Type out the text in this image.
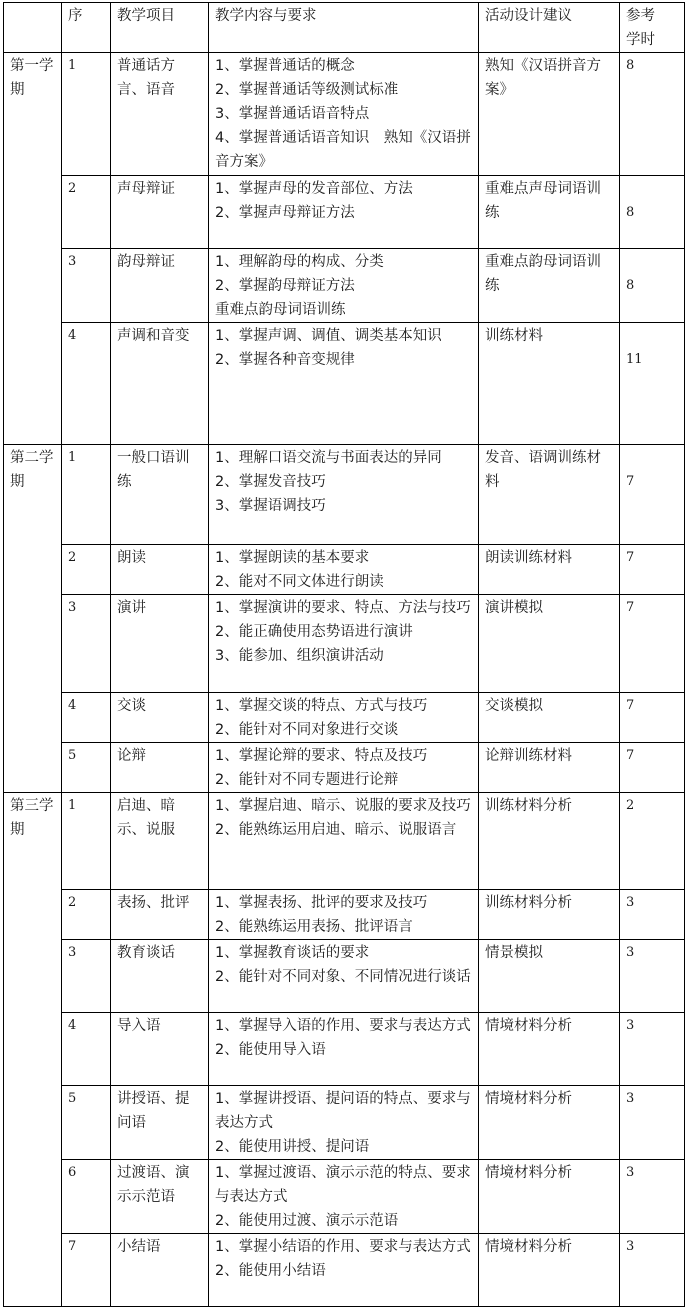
	序	教学项目	教学内容与要求	活动设计建议	参考
学时
第一学期	1	普通话方言、语音	1、掌握普通话的概念
2、掌握普通话等级测试标准
3、掌握普通话语音特点
4、掌握普通话语音知识　熟知《汉语拼音方案》	熟知《汉语拼音方案》	8
	2	声母辩证	1、掌握声母的发音部位、方法
2、掌握声母辩证方法	重难点声母词语训练	8
	3	韵母辩证	1、理解韵母的构成、分类
2、掌握韵母辩证方法
重难点韵母词语训练	重难点韵母词语训练	8
	4	声调和音变	1、掌握声调、调值、调类基本知识
2、掌握各种音变规律	训练材料	11
第二学期	1	一般口语训练	1、理解口语交流与书面表达的异同
2、掌握发音技巧
3、掌握语调技巧	发音、语调训练材料	7
	2	朗读	1、掌握朗读的基本要求
2、能对不同文体进行朗读	朗读训练材料	7
	3	演讲	1、掌握演讲的要求、特点、方法与技巧
2、能正确使用态势语进行演讲
3、能参加、组织演讲活动	演讲模拟	7
	4	交谈	1、掌握交谈的特点、方式与技巧
2、能针对不同对象进行交谈	交谈模拟	7
	5	论辩	1、掌握论辩的要求、特点及技巧
2、能针对不同专题进行论辩	论辩训练材料	7
第三学期	1	启迪、暗示、说服	1、掌握启迪、暗示、说服的要求及技巧
2、能熟练运用启迪、暗示、说服语言	训练材料分析	2
	2	表扬、批评	1、掌握表扬、批评的要求及技巧
2、能熟练运用表扬、批评语言	训练材料分析	3
	3	教育谈话	1、掌握教育谈话的要求
2、能针对不同对象、不同情况进行谈话	情景模拟	3
	4	导入语	1、掌握导入语的作用、要求与表达方式
2、能使用导入语	情境材料分析	3
	5	讲授语、提问语	1、掌握讲授语、提问语的特点、要求与表达方式
2、能使用讲授、提问语	情境材料分析	3
	6	过渡语、演示示范语	1、掌握过渡语、演示示范的特点、要求与表达方式
2、能使用过渡、演示示范语	情境材料分析	3
	7	小结语	1、掌握小结语的作用、要求与表达方式
2、能使用小结语	情境材料分析	3
